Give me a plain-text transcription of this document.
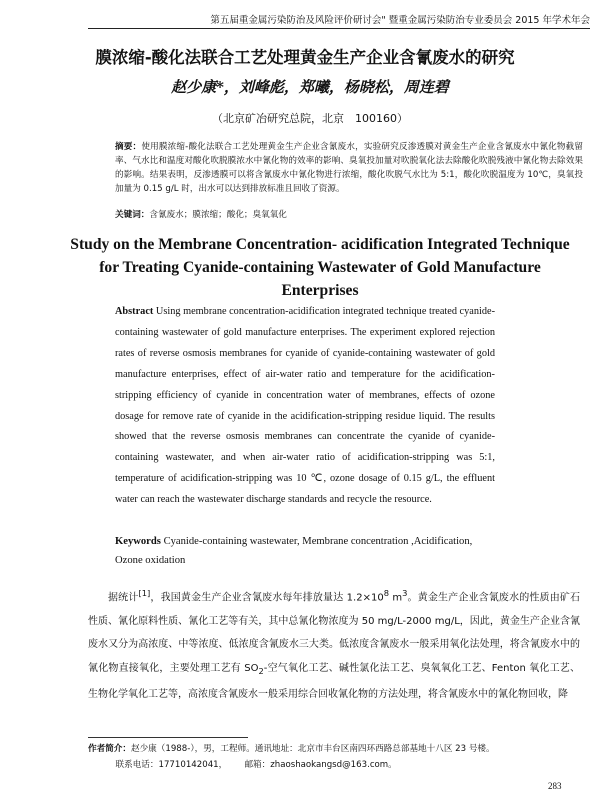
第五届重金属污染防治及风险评价研讨会" 暨重金属污染防治专业委员会 2015 年学术年会
膜浓缩-酸化法联合工艺处理黄金生产企业含氰废水的研究
赵少康*，刘峰彪，郑曦，杨晓松，周连碧
（北京矿冶研究总院，北京　100160）
摘要：使用膜浓缩-酸化法联合工艺处理黄金生产企业含氰废水，实验研究反渗透膜对黄金生产企业含氰废水中氰化物截留率、气水比和温度对酸化吹脱膜浓水中氰化物的效率的影响、臭氧投加量对吹脱氧化法去除酸化吹脱残液中氰化物去除效果的影响。结果表明，反渗透膜可以将含氰废水中氰化物进行浓缩，酸化吹脱气水比为 5:1，酸化吹脱温度为 10℃，臭氧投加量为 0.15 g/L 时，出水可以达到排放标准且回收了资源。
关键词：含氰废水；膜浓缩；酸化；臭氧氧化
Study on the Membrane Concentration- acidification Integrated Technique for Treating Cyanide-containing Wastewater of Gold Manufacture Enterprises
Abstract Using membrane concentration-acidification integrated technique treated cyanide-containing wastewater of gold manufacture enterprises. The experiment explored rejection rates of reverse osmosis membranes for cyanide of cyanide-containing wastewater of gold manufacture enterprises, effect of air-water ratio and temperature for the acidification-stripping efficiency of cyanide in concentration water of membranes, effects of ozone dosage for remove rate of cyanide in the acidification-stripping residue liquid. The results showed that the reverse osmosis membranes can concentrate the cyanide of cyanide-containing wastewater, and when air-water ratio of acidification-stripping was 5:1, temperature of acidification-stripping was 10 ℃, ozone dosage of 0.15 g/L, the effluent water can reach the wastewater discharge standards and recycle the resource.
Keywords Cyanide-containing wastewater, Membrane concentration ,Acidification, Ozone oxidation
据统计[1]，我国黄金生产企业含氰废水每年排放量达 $1.2\times 10^8$ $m^3$。黄金生产企业含氰废水的性质由矿石性质、氰化原料性质、氰化工艺等有关，其中总氰化物浓度为 50 mg/L-2000 mg/L，因此，黄金生产企业含氰废水又分为高浓度、中等浓度、低浓度含氰废水三大类。低浓度含氰废水一般采用氧化法处理，将含氰废水中的氰化物直接氧化，主要处理工艺有 $SO_2-$空气氧化工艺、碱性氯化法工艺、臭氧氧化工艺、Fenton 氧化工艺、生物化学氧化工艺等，高浓度含氰废水一般采用综合回收氰化物的方法处理，将含氰废水中的氰化物回收，降
作者简介：赵少康（1988-），男，工程师。通讯地址：北京市丰台区南四环西路总部基地十八区 23 号楼。
联系电话：17710142041，   邮箱：zhaoshaokangsd@163.com。
283
